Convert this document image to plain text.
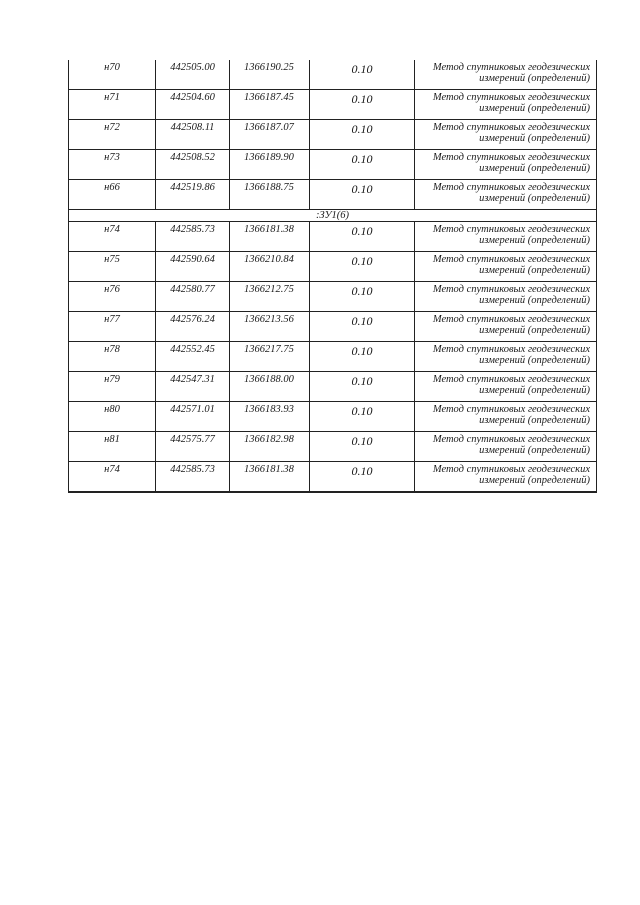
н70	442505.00	1366190.25	0.10	Метод спутниковых геодезических
измерений (определений)

н71	442504.60	1366187.45	0.10	Метод спутниковых геодезических
измерений (определений)

н72	442508.11	1366187.07	0.10	Метод спутниковых геодезических
измерений (определений)

н73	442508.52	1366189.90	0.10	Метод спутниковых геодезических
измерений (определений)

н66	442519.86	1366188.75	0.10	Метод спутниковых геодезических
измерений (определений)

:ЗУ1(6)				
н74	442585.73	1366181.38	0.10	Метод спутниковых геодезических
измерений (определений)

н75	442590.64	1366210.84	0.10	Метод спутниковых геодезических
измерений (определений)

н76	442580.77	1366212.75	0.10	Метод спутниковых геодезических
измерений (определений)

н77	442576.24	1366213.56	0.10	Метод спутниковых геодезических
измерений (определений)

н78	442552.45	1366217.75	0.10	Метод спутниковых геодезических
измерений (определений)

н79	442547.31	1366188.00	0.10	Метод спутниковых геодезических
измерений (определений)

н80	442571.01	1366183.93	0.10	Метод спутниковых геодезических
измерений (определений)

н81	442575.77	1366182.98	0.10	Метод спутниковых геодезических
измерений (определений)

н74	442585.73	1366181.38	0.10	Метод спутниковых геодезических
измерений (определений)
